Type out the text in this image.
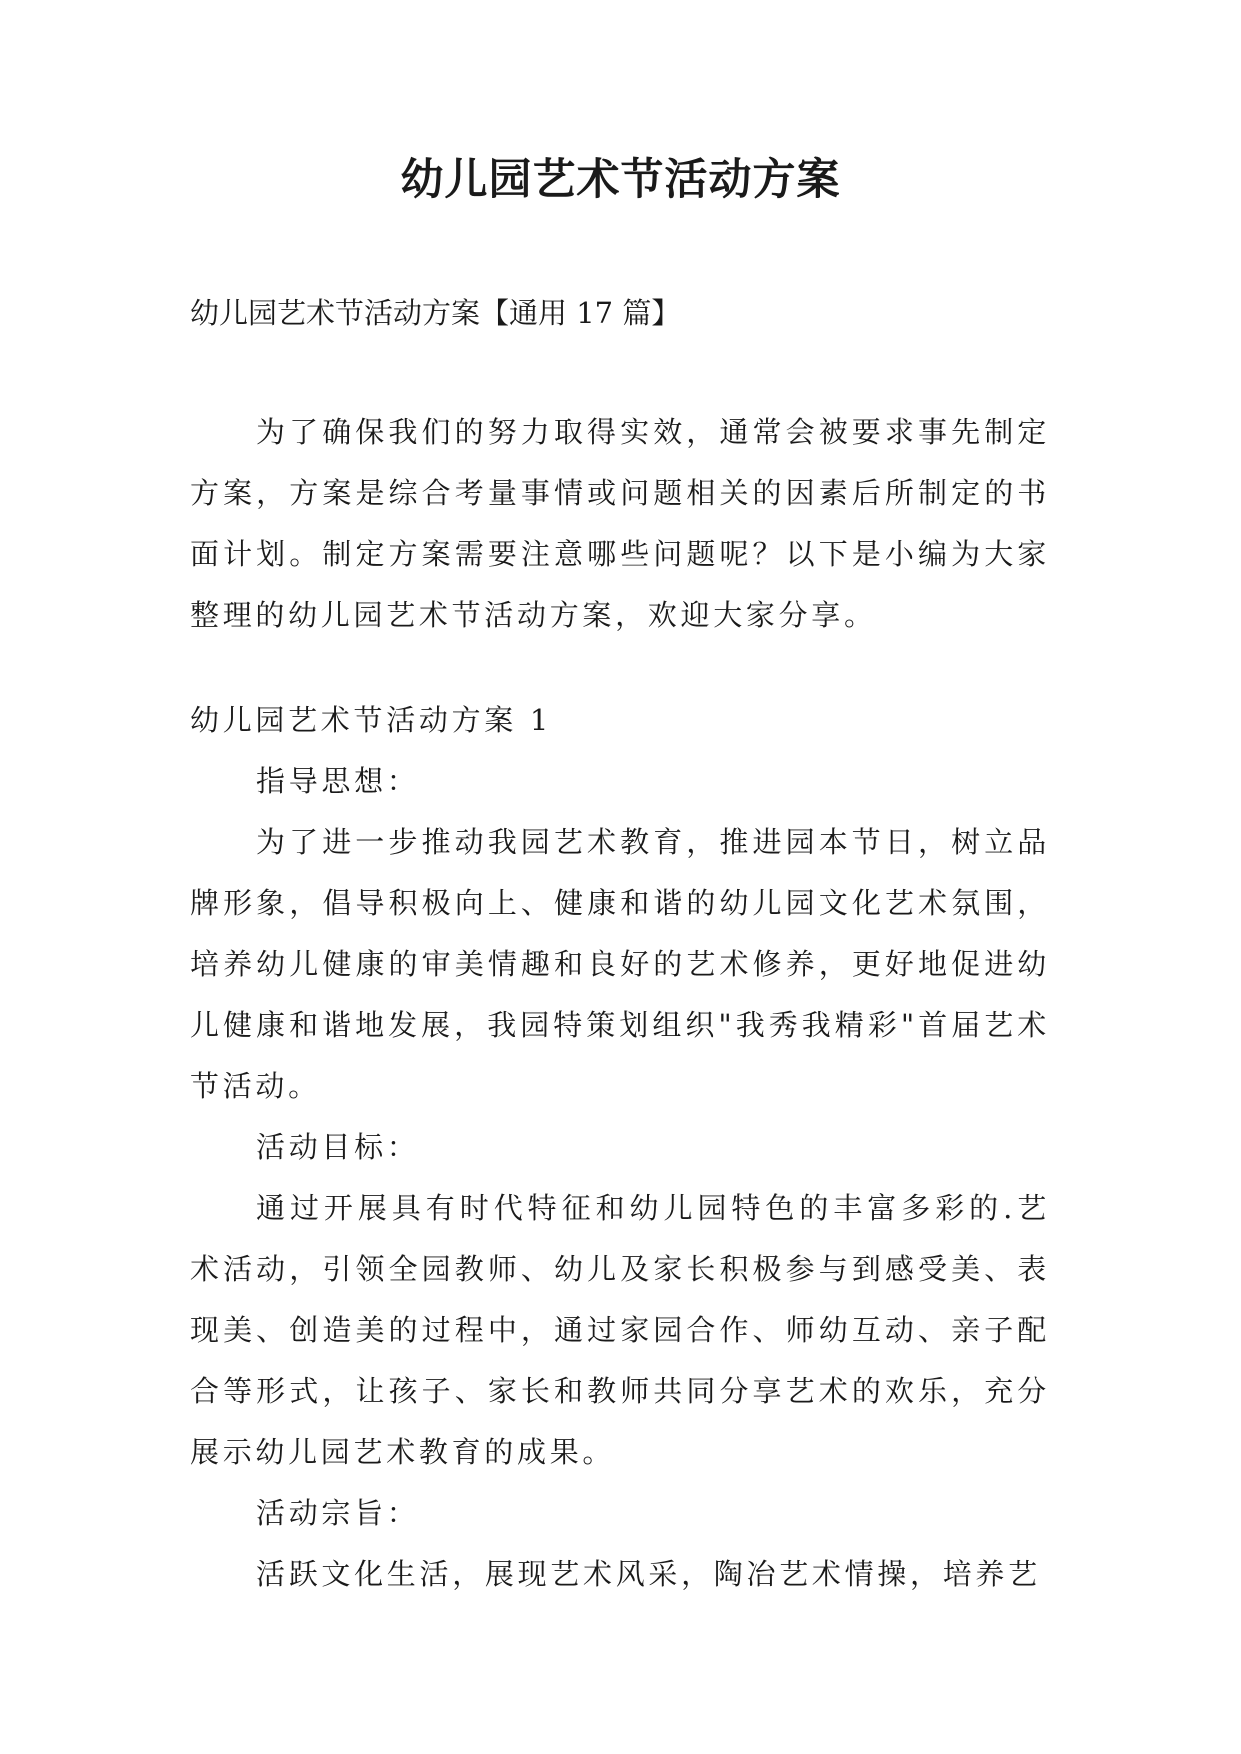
幼儿园艺术节活动方案

幼儿园艺术节活动方案【通用 17 篇】

为了确保我们的努力取得实效，通常会被要求事先制定方案，方案是综合考量事情或问题相关的因素后所制定的书面计划。制定方案需要注意哪些问题呢？以下是小编为大家整理的幼儿园艺术节活动方案，欢迎大家分享。

幼儿园艺术节活动方案 1

指导思想：

为了进一步推动我园艺术教育，推进园本节日，树立品牌形象，倡导积极向上、健康和谐的幼儿园文化艺术氛围，培养幼儿健康的审美情趣和良好的艺术修养，更好地促进幼儿健康和谐地发展，我园特策划组织"我秀我精彩"首届艺术节活动。

活动目标：

通过开展具有时代特征和幼儿园特色的丰富多彩的.艺术活动，引领全园教师、幼儿及家长积极参与到感受美、表现美、创造美的过程中，通过家园合作、师幼互动、亲子配合等形式，让孩子、家长和教师共同分享艺术的欢乐，充分展示幼儿园艺术教育的成果。

活动宗旨：

活跃文化生活，展现艺术风采，陶冶艺术情操，培养艺
